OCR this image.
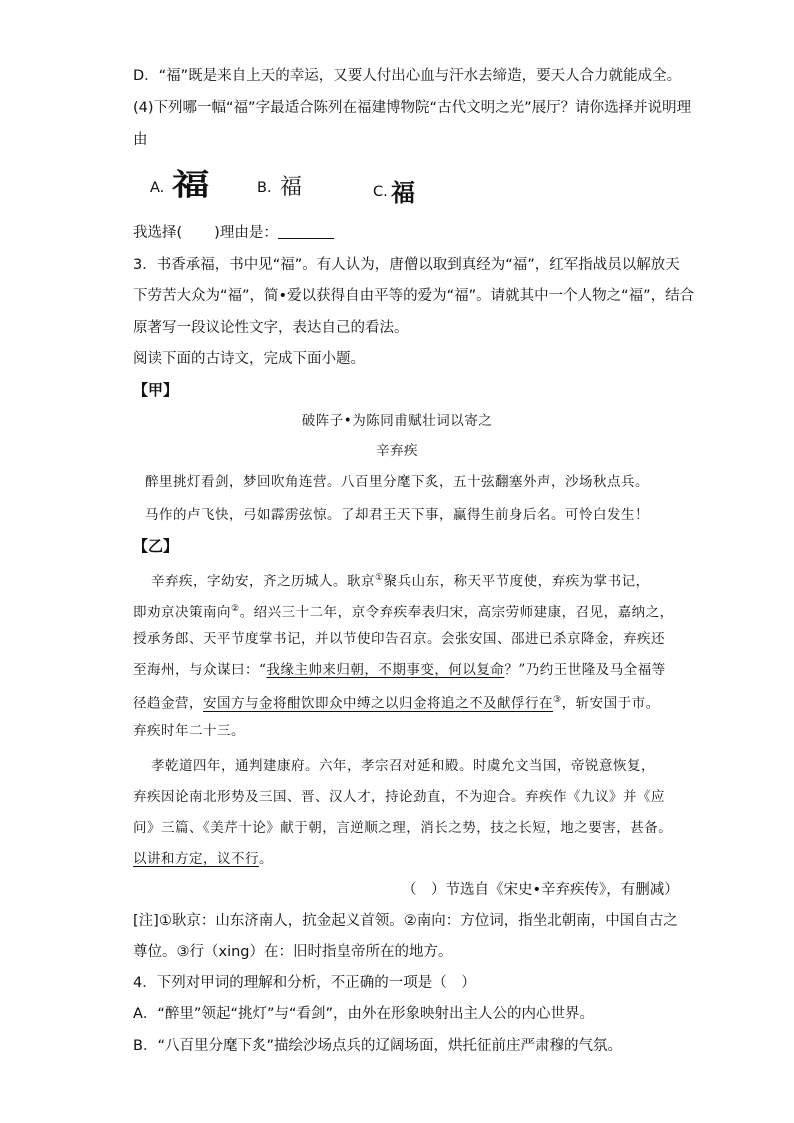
D．“福”既是来自上天的幸运，又要人付出心血与汗水去缔造，要天人合力就能成全。
(4)下列哪一幅“福”字最适合陈列在福建博物院“古代文明之光”展厅？请你选择并说明理
由
A. 福	B. 福	C. 福
我选择( )理由是：
3．书香承福，书中见“福”。有人认为，唐僧以取到真经为“福”，红军指战员以解放天
下劳苦大众为“福”，简•爱以获得自由平等的爱为“福”。请就其中一个人物之“福”，结合
原著写一段议论性文字，表达自己的看法。
阅读下面的古诗文，完成下面小题。
【甲】
破阵子•为陈同甫赋壮词以寄之
辛弃疾
醉里挑灯看剑，梦回吹角连营。八百里分麾下炙，五十弦翻塞外声，沙场秋点兵。
马作的卢飞快，弓如霹雳弦惊。了却君王天下事，赢得生前身后名。可怜白发生！
【乙】
辛弃疾，字幼安，齐之历城人。耿京①聚兵山东，称天平节度使，弃疾为掌书记，
即劝京决策南向②。绍兴三十二年，京令弃疾奉表归宋，高宗劳师建康，召见，嘉纳之，
授承务郎、天平节度掌书记，并以节使印告召京。会张安国、邵进已杀京降金，弃疾还
至海州，与众谋曰：“我缘主帅来归朝，不期事变，何以复命？”乃约王世隆及马全福等
径趋金营，安国方与金将酣饮即众中缚之以归金将追之不及献俘行在③，斩安国于市。
弃疾时年二十三。
孝乾道四年，通判建康府。六年，孝宗召对延和殿。时虞允文当国，帝锐意恢复，
弃疾因论南北形势及三国、晋、汉人才，持论劲直，不为迎合。弃疾作《九议》并《应
问》三篇、《美芹十论》献于朝，言逆顺之理，消长之势，技之长短，地之要害，甚备。
以讲和方定，议不行。
（　）节选自《宋史•辛弃疾传》，有删减）
[注]①耿京：山东济南人，抗金起义首领。②南向：方位词，指坐北朝南，中国自古之
尊位。③行（xing）在：旧时指皇帝所在的地方。
4．下列对甲词的理解和分析，不正确的一项是（　）
A．“醉里”领起“挑灯”与“看剑”，由外在形象映射出主人公的内心世界。
B．“八百里分麾下炙”描绘沙场点兵的辽阔场面，烘托征前庄严肃穆的气氛。
